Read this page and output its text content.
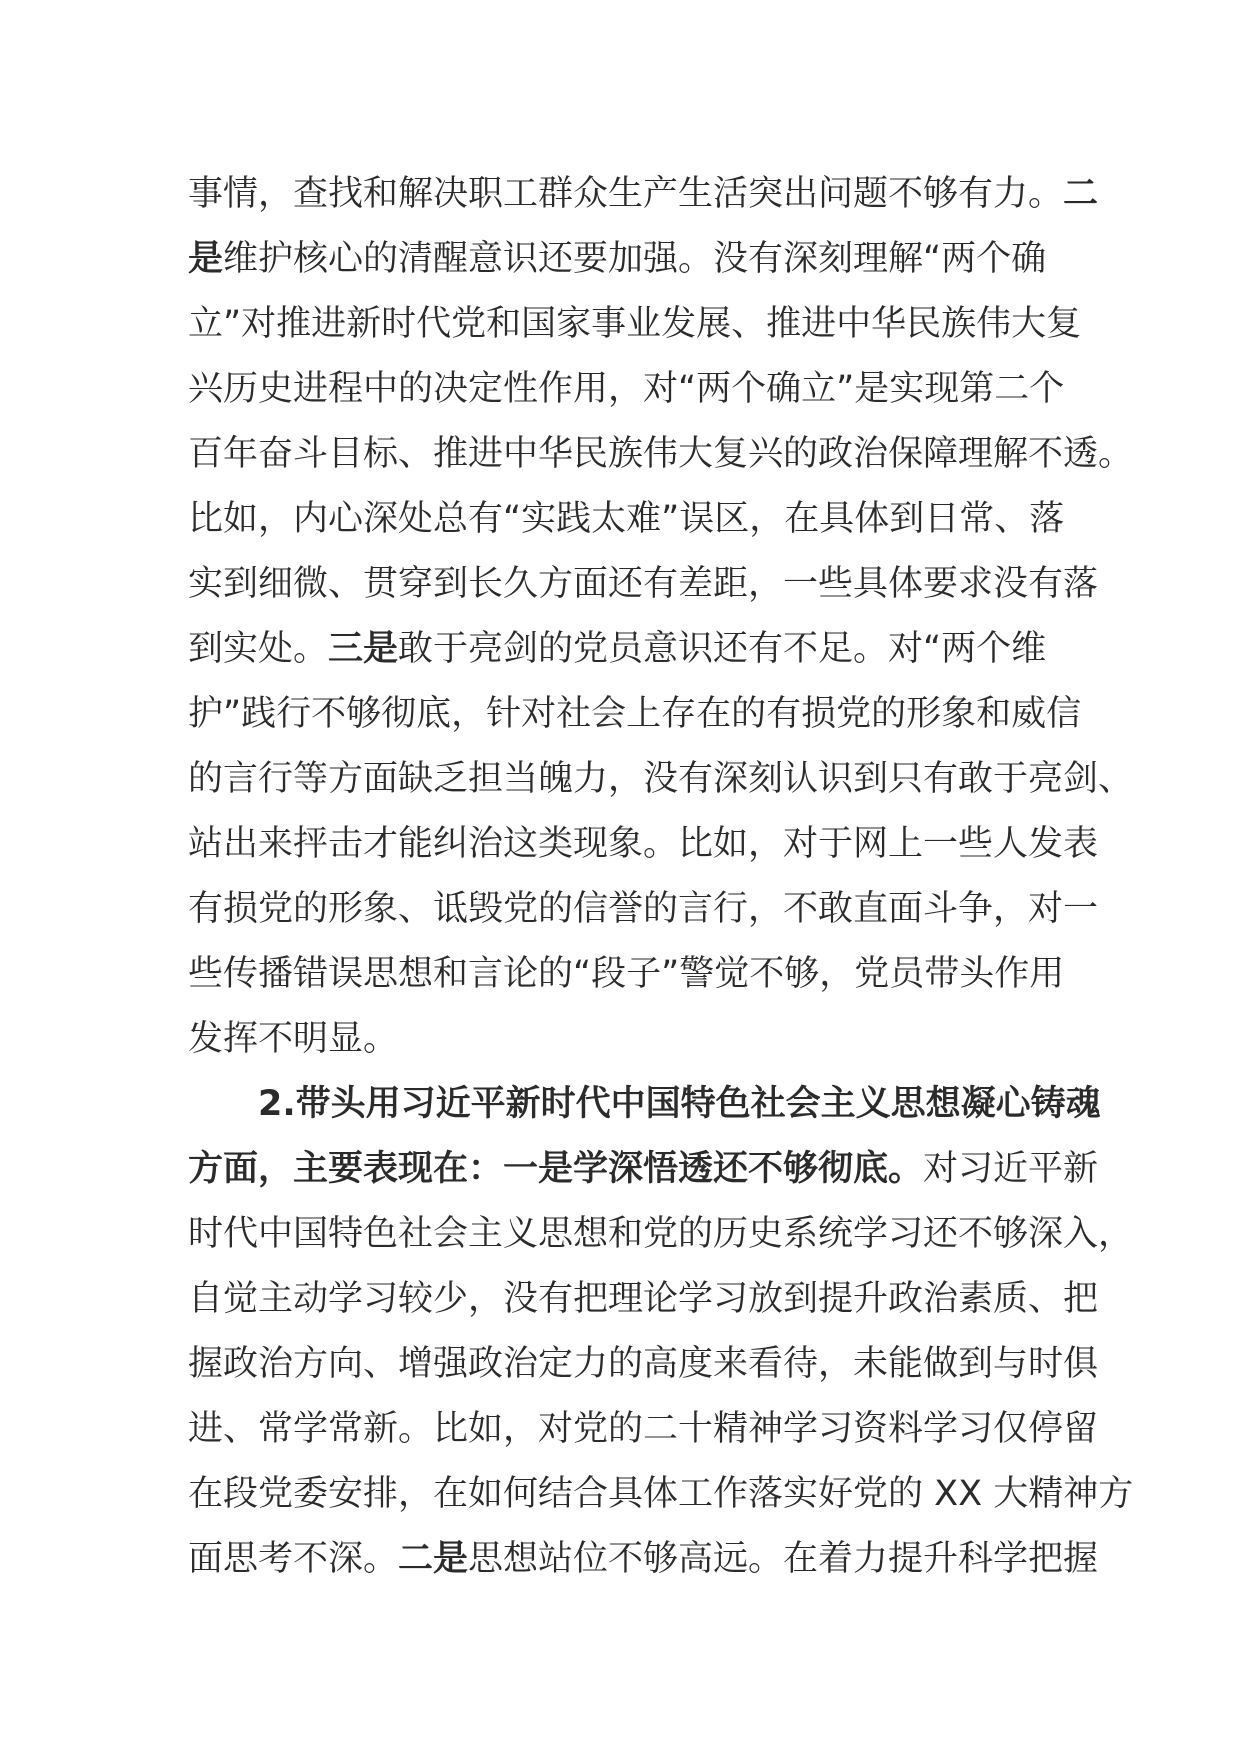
事情，查找和解决职工群众生产生活突出问题不够有力。二
是维护核心的清醒意识还要加强。没有深刻理解“两个确
立”对推进新时代党和国家事业发展、推进中华民族伟大复
兴历史进程中的决定性作用，对“两个确立”是实现第二个
百年奋斗目标、推进中华民族伟大复兴的政治保障理解不透。
比如，内心深处总有“实践太难”误区，在具体到日常、落
实到细微、贯穿到长久方面还有差距，一些具体要求没有落
到实处。三是敢于亮剑的党员意识还有不足。对“两个维
护”践行不够彻底，针对社会上存在的有损党的形象和威信
的言行等方面缺乏担当魄力，没有深刻认识到只有敢于亮剑、
站出来抨击才能纠治这类现象。比如，对于网上一些人发表
有损党的形象、诋毁党的信誉的言行，不敢直面斗争，对一
些传播错误思想和言论的“段子”警觉不够，党员带头作用
发挥不明显。
2.带头用习近平新时代中国特色社会主义思想凝心铸魂
方面，主要表现在：一是学深悟透还不够彻底。对习近平新
时代中国特色社会主义思想和党的历史系统学习还不够深入，
自觉主动学习较少，没有把理论学习放到提升政治素质、把
握政治方向、增强政治定力的高度来看待，未能做到与时俱
进、常学常新。比如，对党的二十精神学习资料学习仅停留
在段党委安排，在如何结合具体工作落实好党的 XX 大精神方
面思考不深。二是思想站位不够高远。在着力提升科学把握
